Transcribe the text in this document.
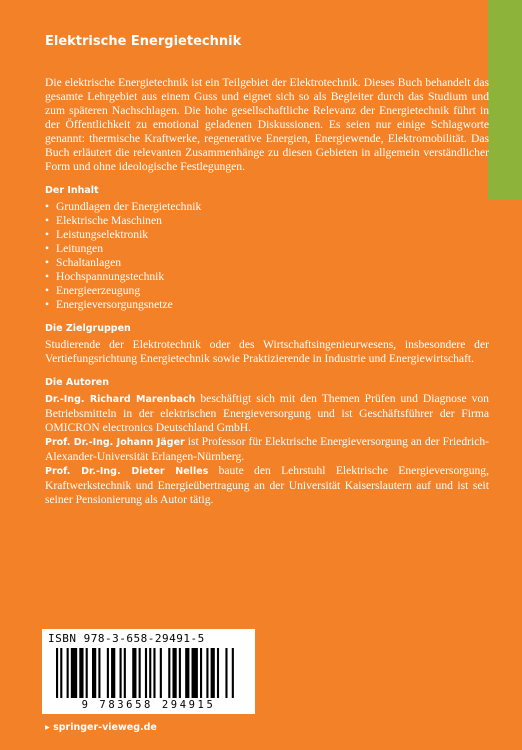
Elektrische Energietechnik

Die elektrische Energietechnik ist ein Teilgebiet der Elektrotechnik. Dieses Buch behandelt das gesamte Lehrgebiet aus einem Guss und eignet sich so als Begleiter durch das Studium und zum späteren Nachschlagen. Die hohe gesellschaftliche Relevanz der Energietechnik führt in der Öffentlichkeit zu emotional geladenen Diskussionen. Es seien nur einige Schlagworte genannt: thermische Kraftwerke, regenerative Energien, Energiewende, Elektromobilität. Das Buch erläutert die relevanten Zusammenhänge zu diesen Gebieten in allgemein verständlicher Form und ohne ideologische Festlegungen.

Der Inhalt
• Grundlagen der Energietechnik
• Elektrische Maschinen
• Leistungselektronik
• Leitungen
• Schaltanlagen
• Hochspannungstechnik
• Energieerzeugung
• Energieversorgungsnetze
Die Zielgruppen

Studierende der Elektrotechnik oder des Wirtschaftsingenieurwesens, insbesondere der Vertiefungsrichtung Energietechnik sowie Praktizierende in Industrie und Energiewirtschaft.

Die Autoren

Dr.-Ing. Richard Marenbach beschäftigt sich mit den Themen Prüfen und Diagnose von Betriebsmitteln in der elektrischen Energieversorgung und ist Geschäftsführer der Firma OMICRON electronics Deutschland GmbH.

Prof. Dr.-Ing. Johann Jäger ist Professor für Elektrische Energieversorgung an der Friedrich-Alexander-Universität Erlangen-Nürnberg.

Prof. Dr.-Ing. Dieter Nelles baute den Lehrstuhl Elektrische Energieversorgung, Kraftwerkstechnik und Energieübertragung an der Universität Kaiserslautern auf und ist seit seiner Pensionierung als Autor tätig.

ISBN 978-3-658-29491-5
9 783658 294915
▸ springer-vieweg.de
